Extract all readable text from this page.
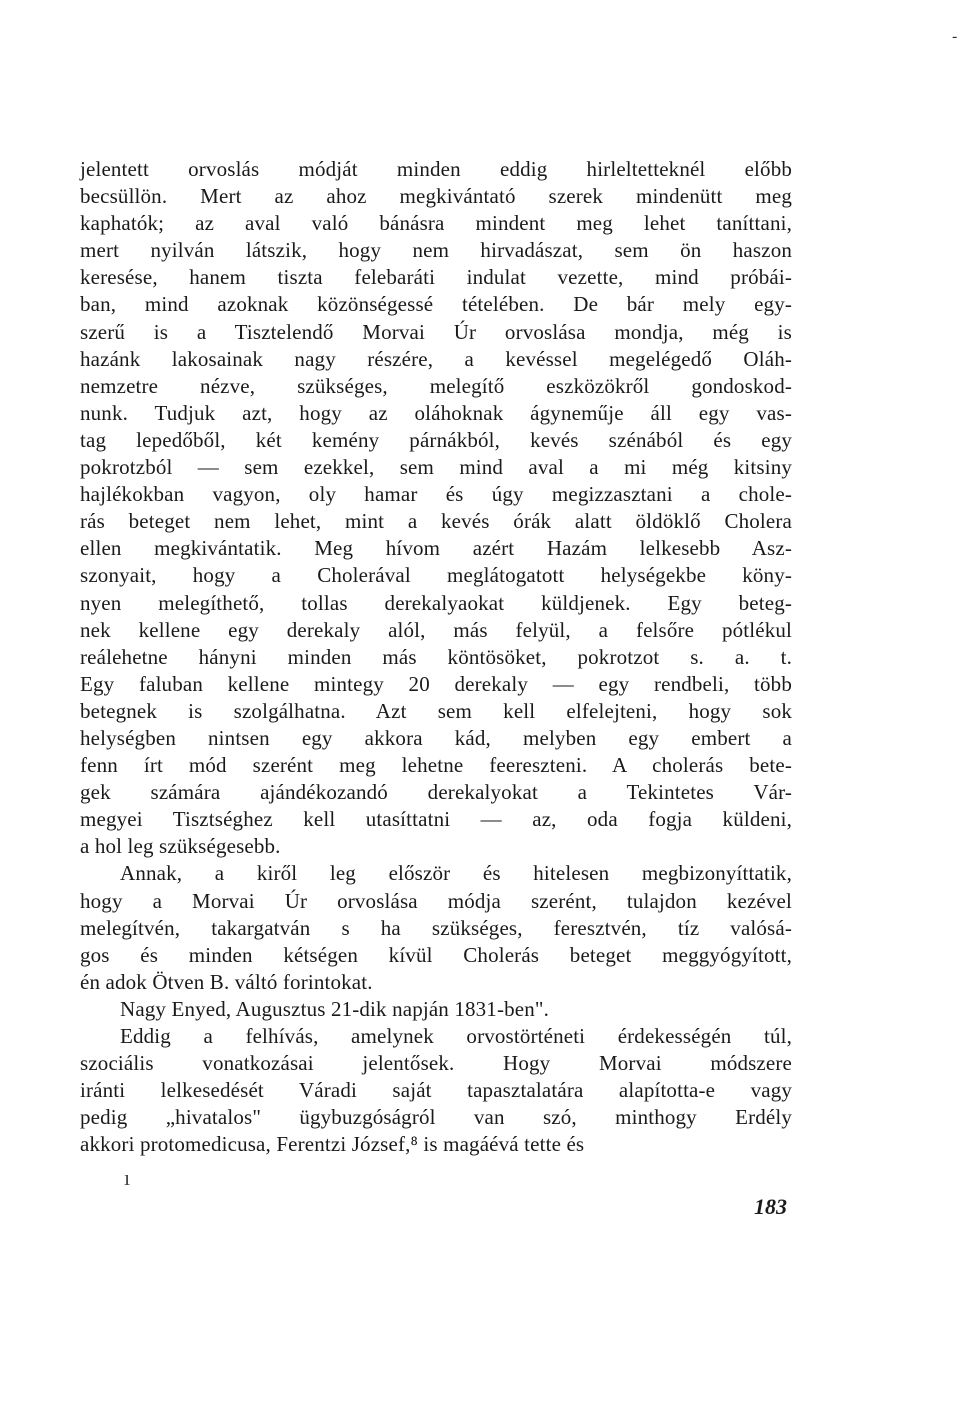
-
jelentett orvoslás módját minden eddig hirleltetteknél előbb
becsüllön. Mert az ahoz megkivántató szerek mindenütt meg
kaphatók; az aval való bánásra mindent meg lehet taníttani,
mert nyilván látszik, hogy nem hirvadászat, sem ön haszon
keresése, hanem tiszta felebaráti indulat vezette, mind próbái-
ban, mind azoknak közönségessé tételében. De bár mely egy-
szerű is a Tisztelendő Morvai Úr orvoslása mondja, még is
hazánk lakosainak nagy részére, a kevéssel megelégedő Oláh-
nemzetre nézve, szükséges, melegítő eszközökről gondoskod-
nunk. Tudjuk azt, hogy az oláhoknak ágyneműje áll egy vas-
tag lepedőből, két kemény párnákból, kevés szénából és egy
pokrotzból — sem ezekkel, sem mind aval a mi még kitsiny
hajlékokban vagyon, oly hamar és úgy megizzasztani a chole-
rás beteget nem lehet, mint a kevés órák alatt öldöklő Cholera
ellen megkivántatik. Meg hívom azért Hazám lelkesebb Asz-
szonyait, hogy a Cholerával meglátogatott helységekbe köny-
nyen melegíthető, tollas derekalyaokat küldjenek. Egy beteg-
nek kellene egy derekaly alól, más felyül, a felsőre pótlékul
reálehetne hányni minden más köntösöket, pokrotzot s. a. t.
Egy faluban kellene mintegy 20 derekaly — egy rendbeli, több
betegnek is szolgálhatna. Azt sem kell elfelejteni, hogy sok
helységben nintsen egy akkora kád, melyben egy embert a
fenn írt mód szerént meg lehetne feereszteni. A cholerás bete-
gek számára ajándékozandó derekalyokat a Tekintetes Vár-
megyei Tisztséghez kell utasíttatni — az, oda fogja küldeni,
a hol leg szükségesebb.
Annak, a kiről leg először és hitelesen megbizonyíttatik,
hogy a Morvai Úr orvoslása módja szerént, tulajdon kezével
melegítvén, takargatván s ha szükséges, feresztvén, tíz valósá-
gos és minden kétségen kívül Cholerás beteget meggyógyított,
én adok Ötven B. váltó forintokat.
Nagy Enyed, Augusztus 21-dik napján 1831-ben".
Eddig a felhívás, amelynek orvostörténeti érdekességén túl,
szociális vonatkozásai jelentősek. Hogy Morvai módszere
iránti lelkesedését Váradi saját tapasztalatára alapította-e vagy
pedig „hivatalos" ügybuzgóságról van szó, minthogy Erdély
akkori protomedicusa, Ferentzi József,⁸ is magáévá tette és
ı
183
